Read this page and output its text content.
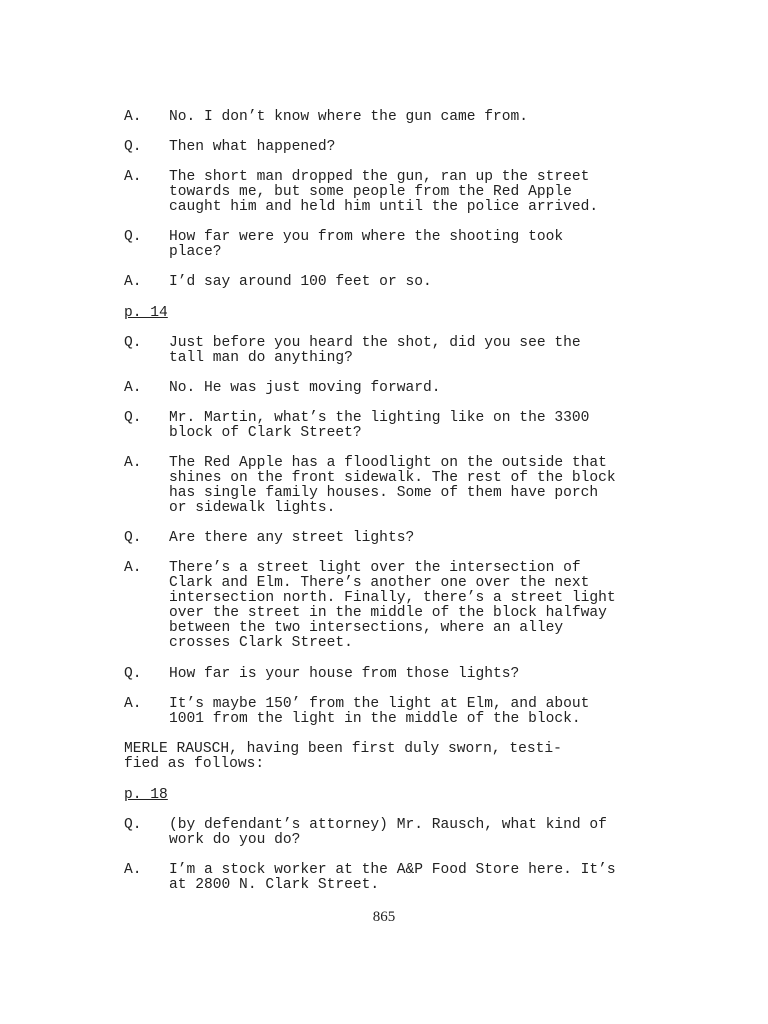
A. No. I don’t know where the gun came from.
Q. Then what happened?
A. The short man dropped the gun, ran up the street
towards me, but some people from the Red Apple
caught him and held him until the police arrived.
Q. How far were you from where the shooting took
place?
A. I’d say around 100 feet or so.
p. 14
Q. Just before you heard the shot, did you see the
tall man do anything?
A. No. He was just moving forward.
Q. Mr. Martin, what’s the lighting like on the 3300
block of Clark Street?
A. The Red Apple has a floodlight on the outside that
shines on the front sidewalk. The rest of the block
has single family houses. Some of them have porch
or sidewalk lights.
Q. Are there any street lights?
A. There’s a street light over the intersection of
Clark and Elm. There’s another one over the next
intersection north. Finally, there’s a street light
over the street in the middle of the block halfway
between the two intersections, where an alley
crosses Clark Street.
Q. How far is your house from those lights?
A. It’s maybe 150’ from the light at Elm, and about
1001 from the light in the middle of the block.
MERLE RAUSCH, having been first duly sworn, testi-
fied as follows:
p. 18
Q. (by defendant’s attorney) Mr. Rausch, what kind of
work do you do?
A. I’m a stock worker at the A&P Food Store here. It’s
at 2800 N. Clark Street.
865
